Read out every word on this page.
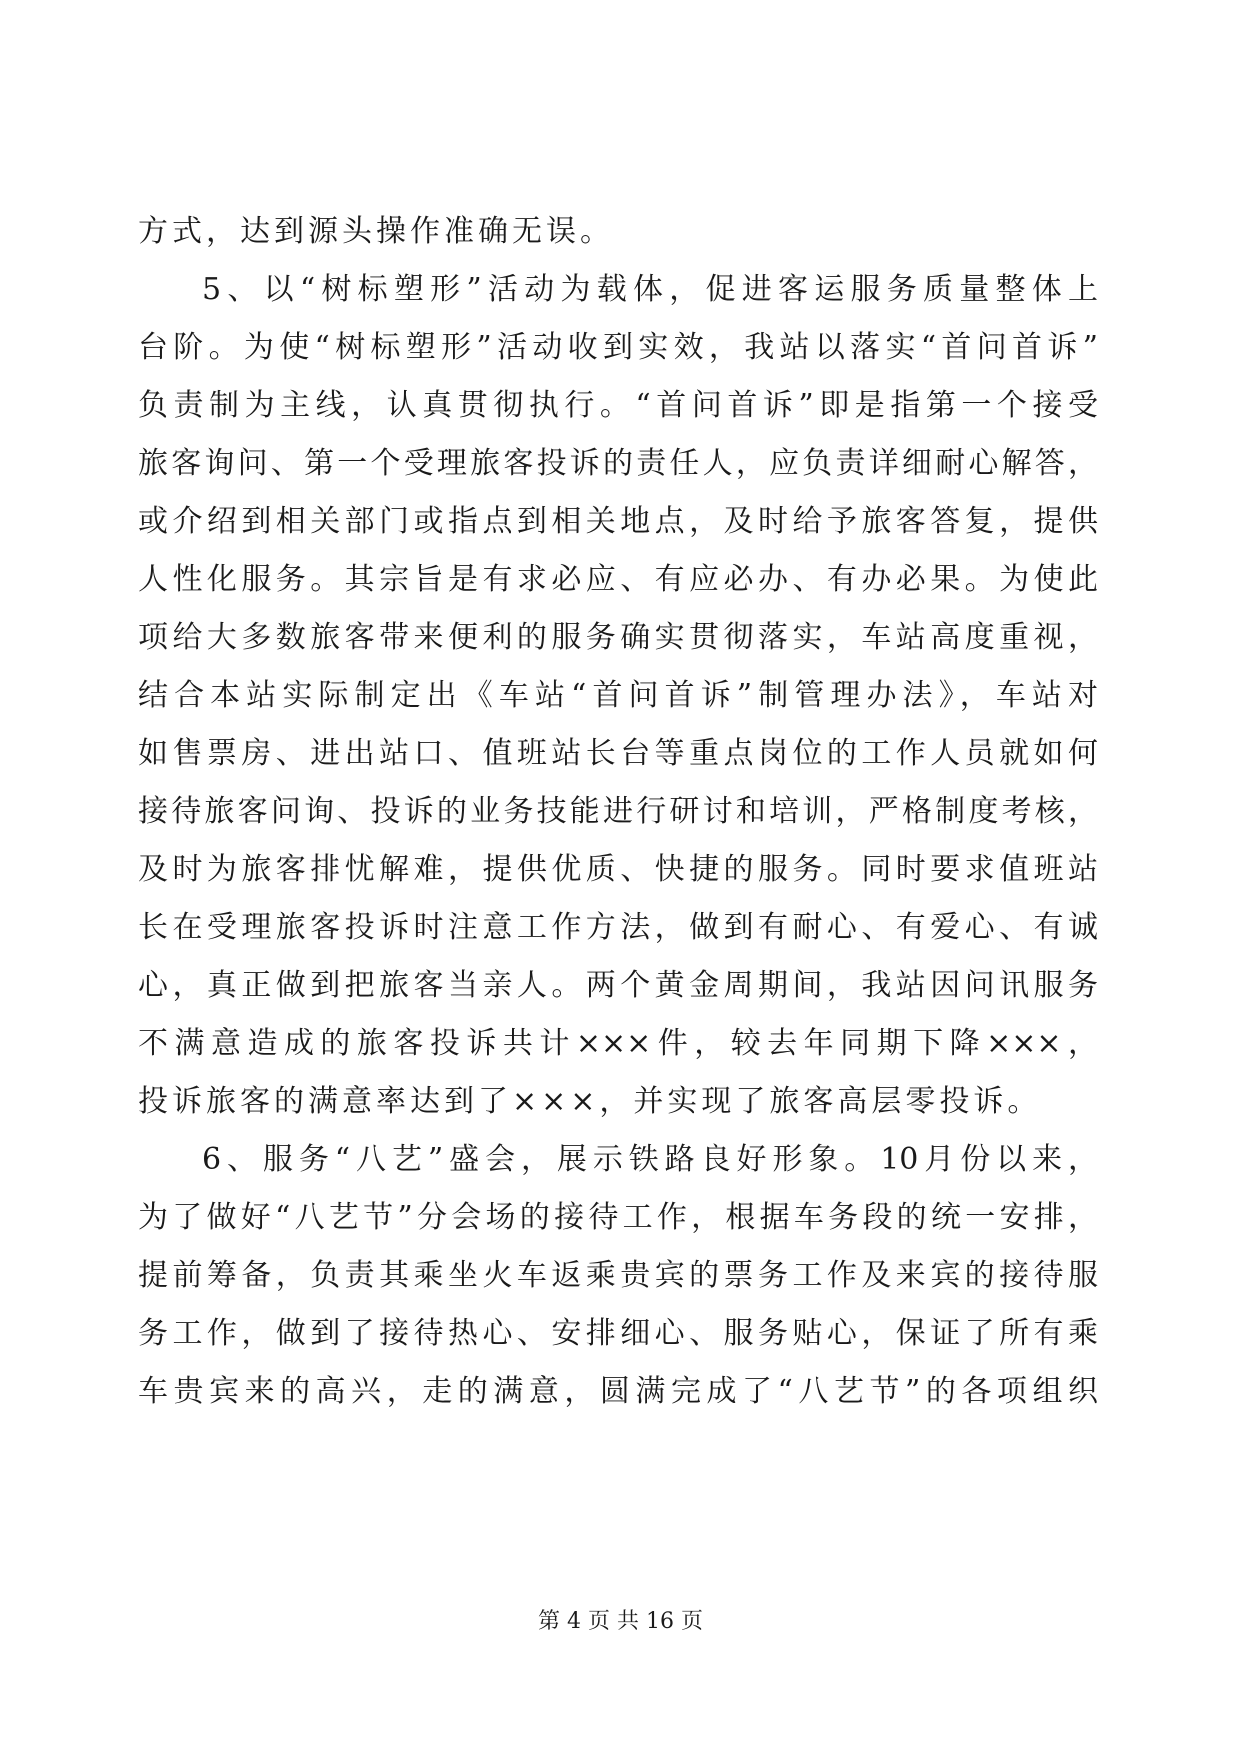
方式，达到源头操作准确无误。
5、以“树标塑形”活动为载体，促进客运服务质量整体上
台阶。为使“树标塑形”活动收到实效，我站以落实“首问首诉”
负责制为主线，认真贯彻执行。“首问首诉”即是指第一个接受
旅客询问、第一个受理旅客投诉的责任人，应负责详细耐心解答，
或介绍到相关部门或指点到相关地点，及时给予旅客答复，提供
人性化服务。其宗旨是有求必应、有应必办、有办必果。为使此
项给大多数旅客带来便利的服务确实贯彻落实，车站高度重视，
结合本站实际制定出《车站“首问首诉”制管理办法》，车站对
如售票房、进出站口、值班站长台等重点岗位的工作人员就如何
接待旅客问询、投诉的业务技能进行研讨和培训，严格制度考核，
及时为旅客排忧解难，提供优质、快捷的服务。同时要求值班站
长在受理旅客投诉时注意工作方法，做到有耐心、有爱心、有诚
心，真正做到把旅客当亲人。两个黄金周期间，我站因问讯服务
不满意造成的旅客投诉共计×××件，较去年同期下降×××，
投诉旅客的满意率达到了×××，并实现了旅客高层零投诉。
6、服务“八艺”盛会，展示铁路良好形象。10月份以来，
为了做好“八艺节”分会场的接待工作，根据车务段的统一安排，
提前筹备，负责其乘坐火车返乘贵宾的票务工作及来宾的接待服
务工作，做到了接待热心、安排细心、服务贴心，保证了所有乘
车贵宾来的高兴，走的满意，圆满完成了“八艺节”的各项组织
第 4 页 共 16 页
